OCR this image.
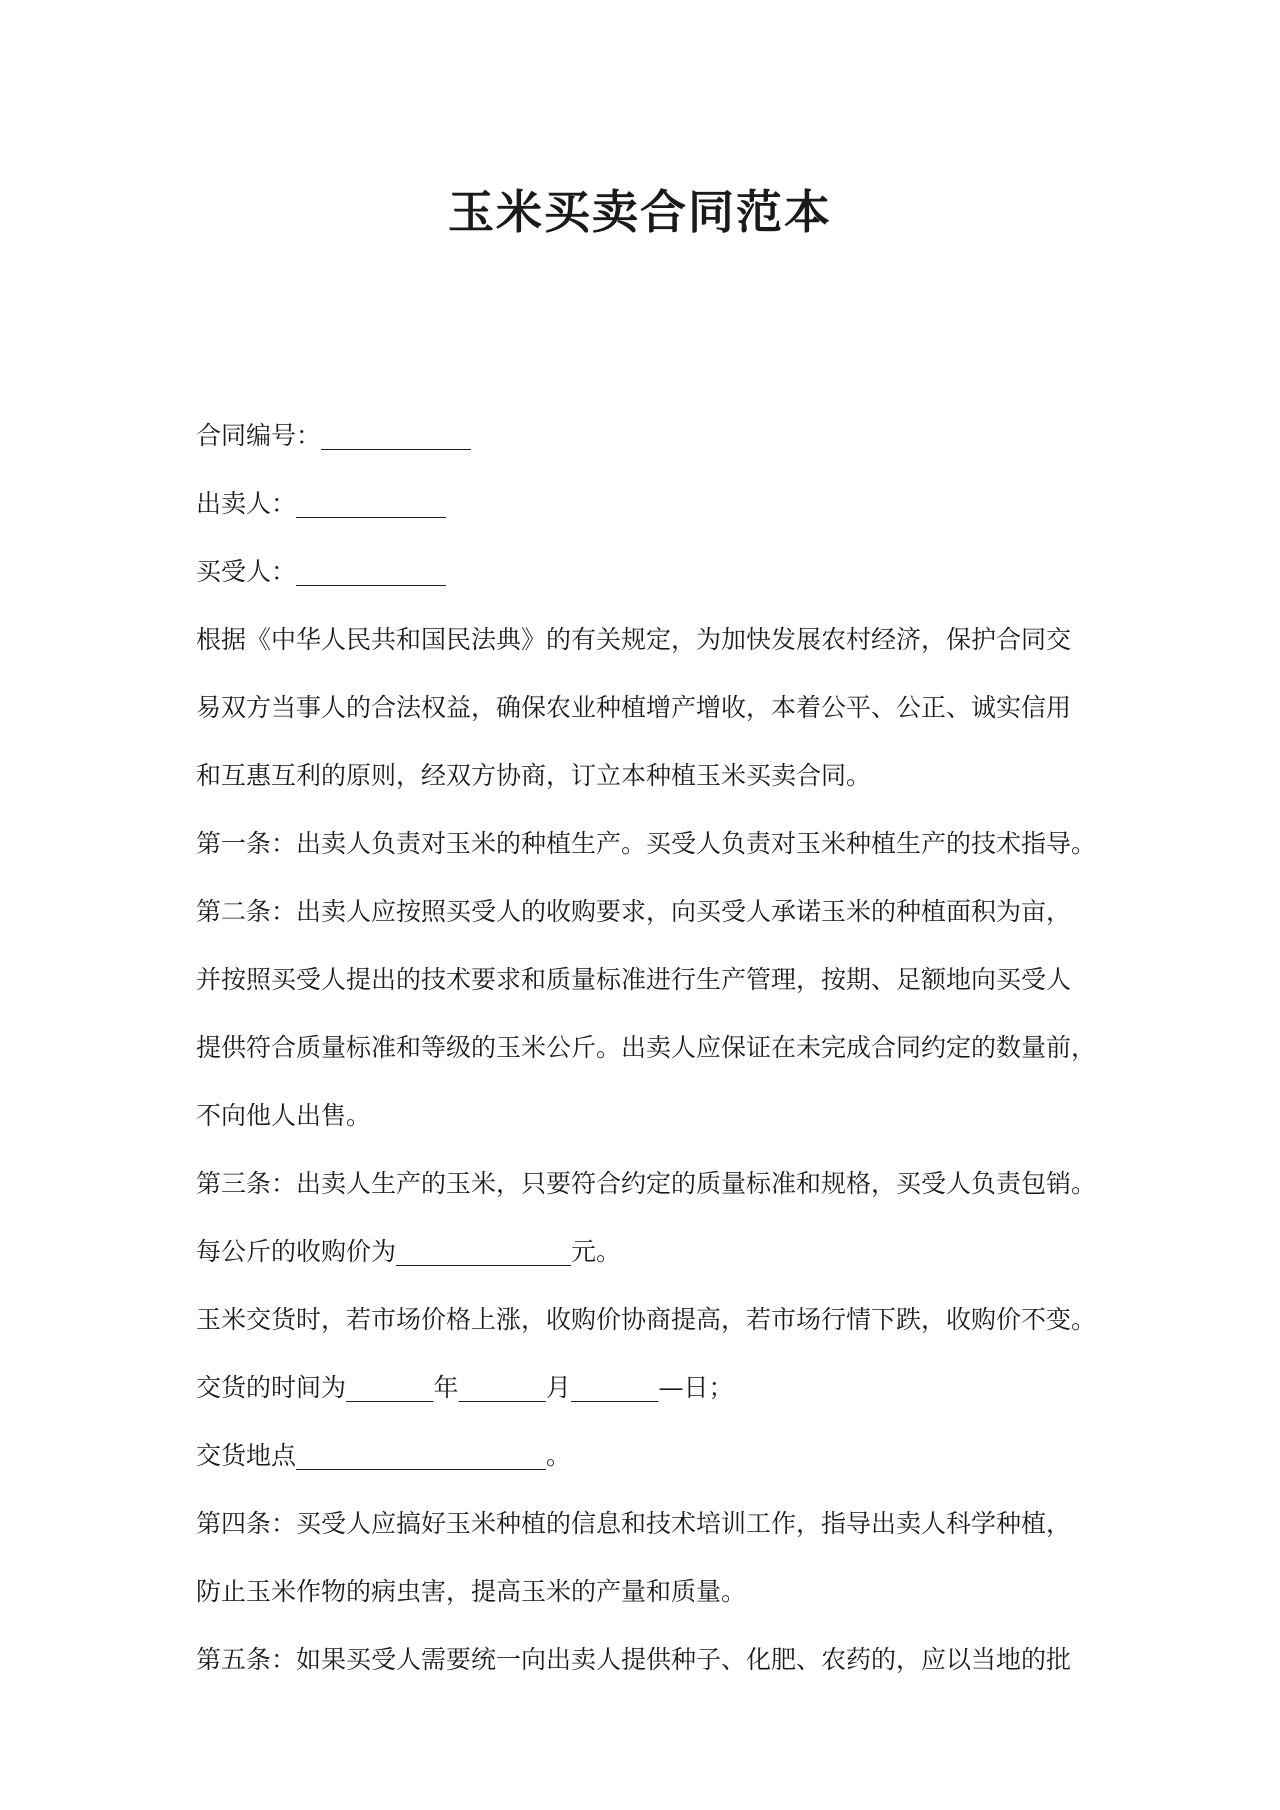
玉米买卖合同范本
合同编号：____________
出卖人：____________
买受人：____________
根据《中华人民共和国民法典》的有关规定，为加快发展农村经济，保护合同交
易双方当事人的合法权益，确保农业种植增产增收，本着公平、公正、诚实信用
和互惠互利的原则，经双方协商，订立本种植玉米买卖合同。
第一条：出卖人负责对玉米的种植生产。买受人负责对玉米种植生产的技术指导。
第二条：出卖人应按照买受人的收购要求，向买受人承诺玉米的种植面积为亩，
并按照买受人提出的技术要求和质量标准进行生产管理，按期、足额地向买受人
提供符合质量标准和等级的玉米公斤。出卖人应保证在未完成合同约定的数量前，
不向他人出售。
第三条：出卖人生产的玉米，只要符合约定的质量标准和规格，买受人负责包销。
每公斤的收购价为______________元。
玉米交货时，若市场价格上涨，收购价协商提高，若市场行情下跌，收购价不变。
交货的时间为_______年_______月_______—日；
交货地点____________________。
第四条：买受人应搞好玉米种植的信息和技术培训工作，指导出卖人科学种植，
防止玉米作物的病虫害，提高玉米的产量和质量。
第五条：如果买受人需要统一向出卖人提供种子、化肥、农药的，应以当地的批
